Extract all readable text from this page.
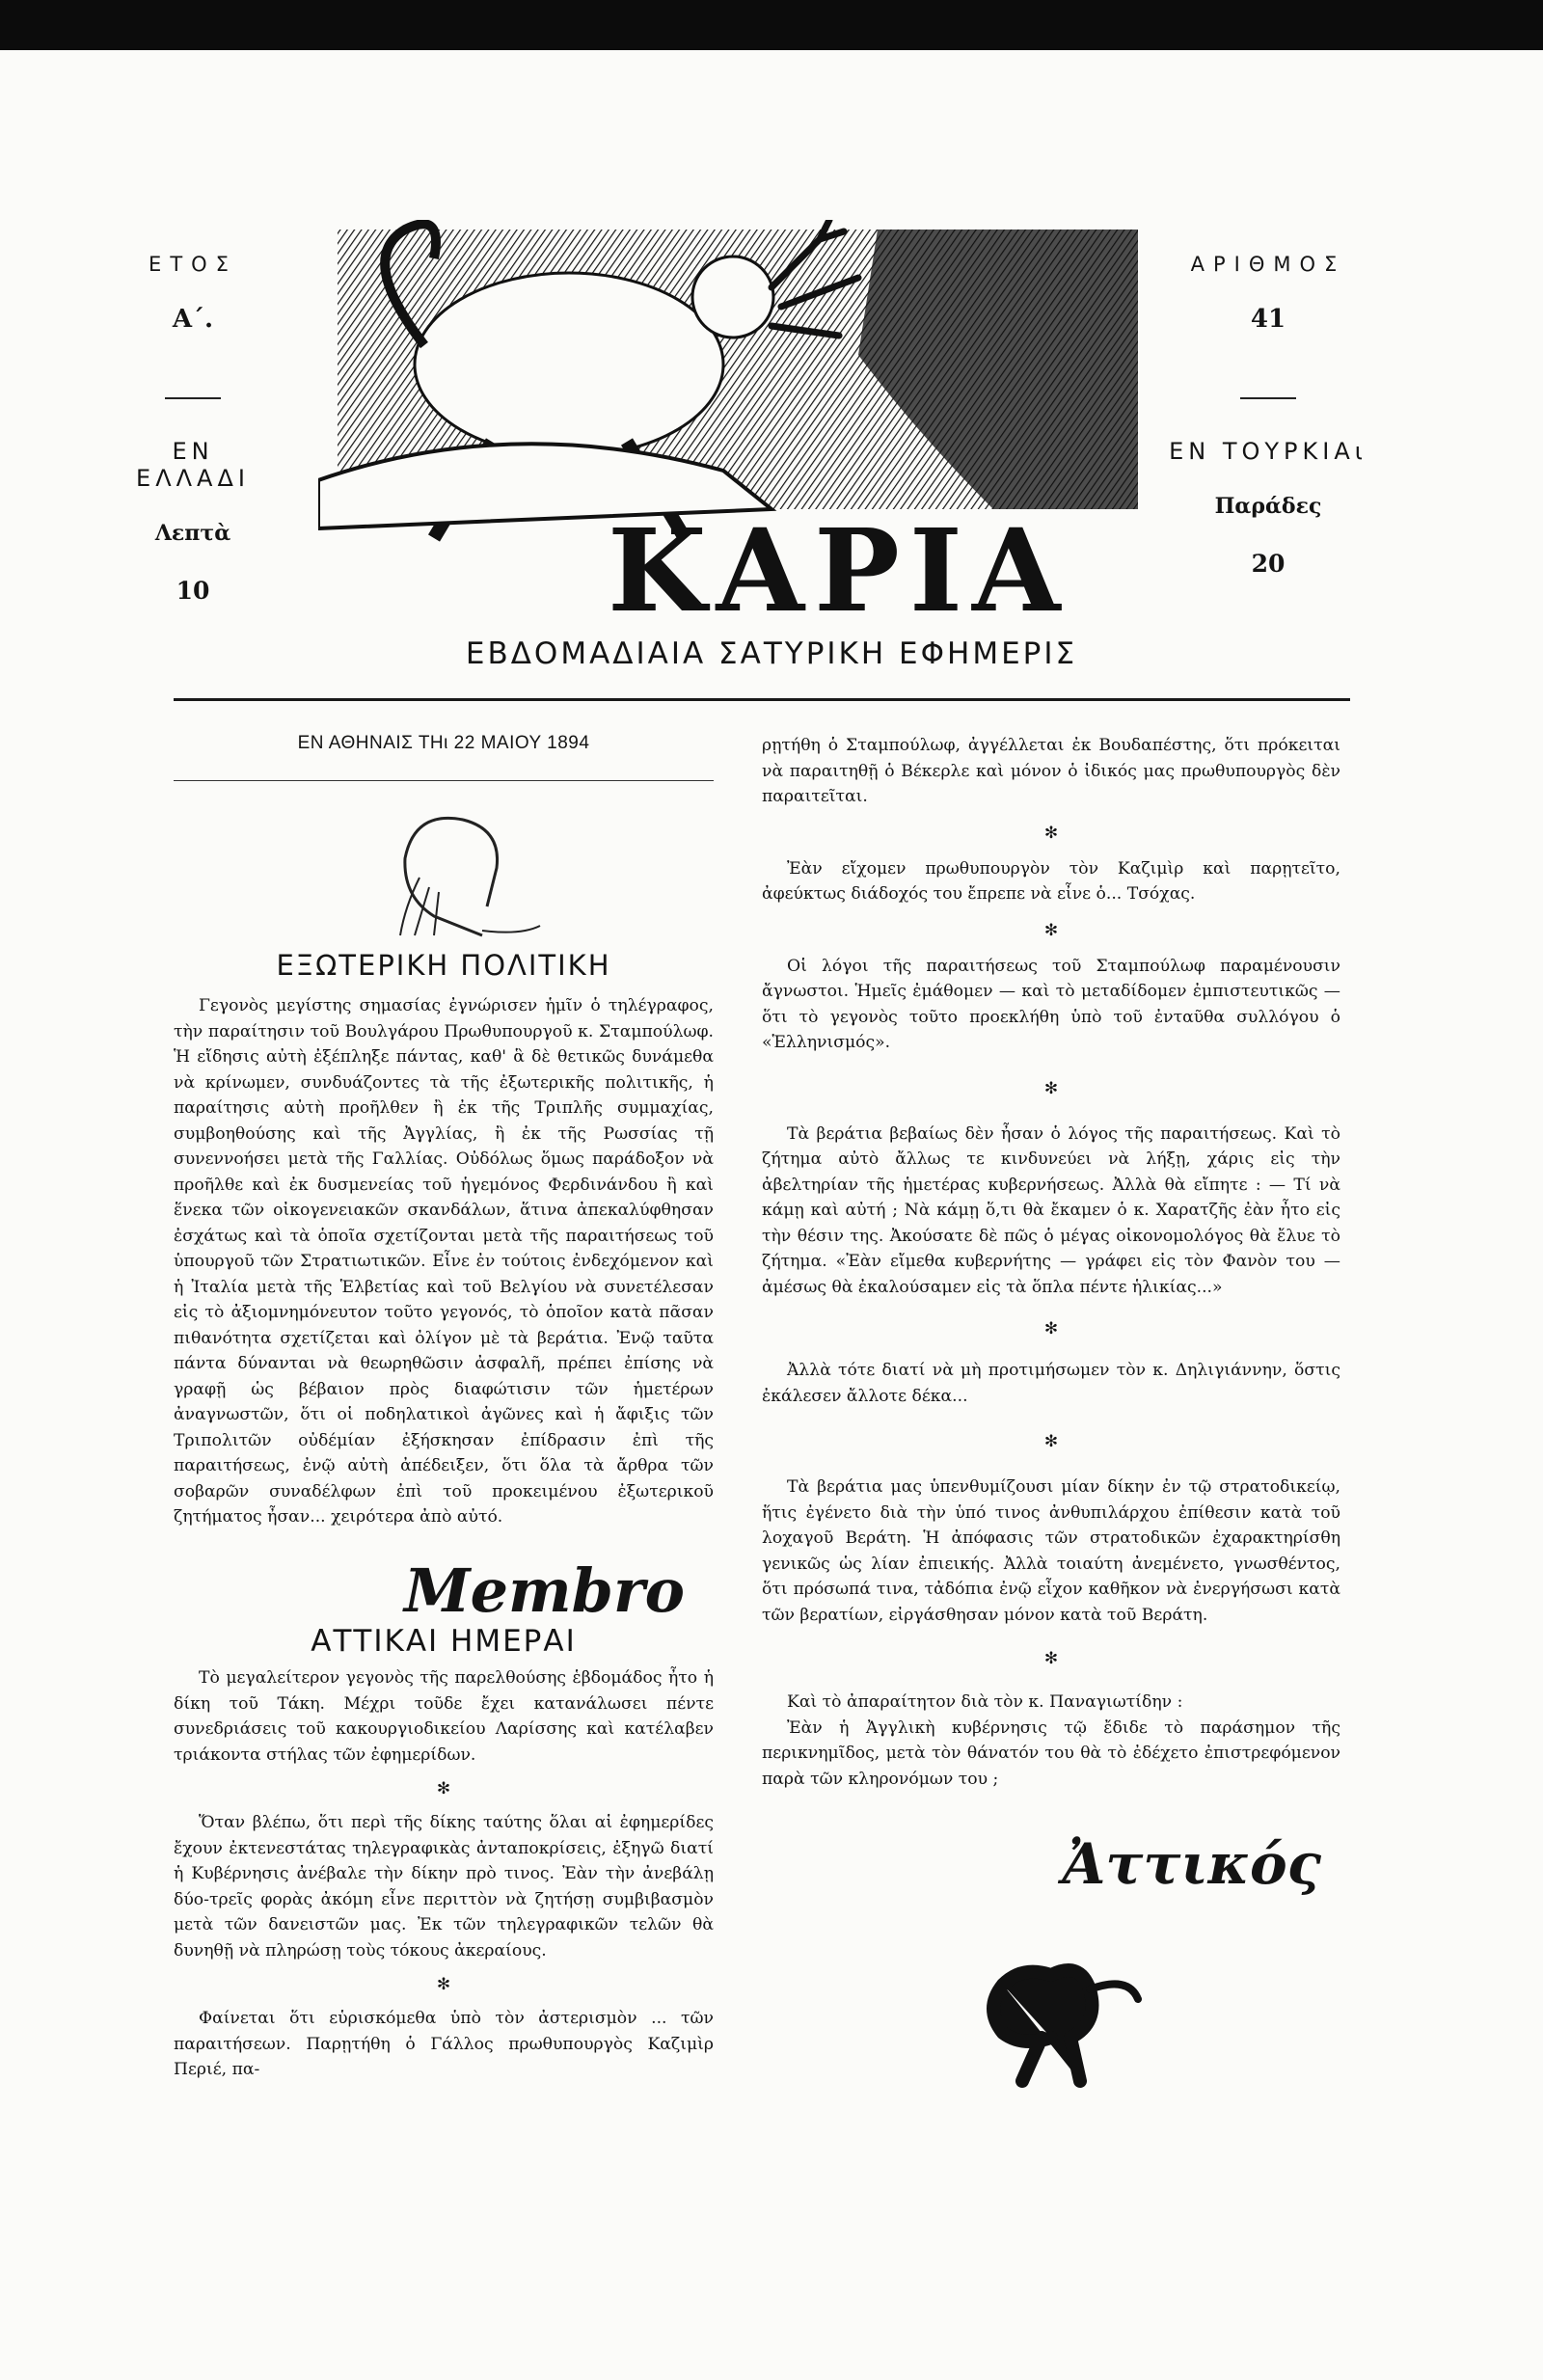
ΕΤΟΣ
Α΄.
ΕΝ ΕΛΛΑΔΙ
Λεπτὰ
10
ΑΡΙΘΜΟΣ
41
ΕΝ ΤΟΥΡΚΙΑι
Παράδες
20
ΚΑΡΙΑ
ΕΒΔΟΜΑΔΙΑΙΑ ΣΑΤΥΡΙΚΗ ΕΦΗΜΕΡΙΣ
ΕΝ ΑΘΗΝΑΙΣ ΤΗι 22 ΜΑΙΟΥ 1894
ΕΞΩΤΕΡΙΚΗ ΠΟΛΙΤΙΚΗ

Γεγονὸς μεγίστης σημασίας ἐγνώρισεν ἡμῖν ὁ τηλέγραφος, τὴν παραίτησιν τοῦ Βουλγάρου Πρωθυπουργοῦ κ. Σταμπούλωφ. Ἡ εἴδησις αὐτὴ ἐξέπληξε πάντας, καθ' ἃ δὲ θετικῶς δυνάμεθα νὰ κρίνωμεν, συνδυάζοντες τὰ τῆς ἐξωτερικῆς πολιτικῆς, ἡ παραίτησις αὐτὴ προῆλθεν ἢ ἐκ τῆς Τριπλῆς συμμαχίας, συμβοηθούσης καὶ τῆς Ἀγγλίας, ἢ ἐκ τῆς Ρωσσίας τῇ συνεννοήσει μετὰ τῆς Γαλλίας. Οὐδόλως ὅμως παράδοξον νὰ προῆλθε καὶ ἐκ δυσμενείας τοῦ ἡγεμόνος Φερδινάνδου ἢ καὶ ἕνεκα τῶν οἰκογενειακῶν σκανδάλων, ἅτινα ἀπεκαλύφθησαν ἐσχάτως καὶ τὰ ὁποῖα σχετίζονται μετὰ τῆς παραιτήσεως τοῦ ὑπουργοῦ τῶν Στρατιωτικῶν. Εἶνε ἐν τούτοις ἐνδεχόμενον καὶ ἡ Ἰταλία μετὰ τῆς Ἑλβετίας καὶ τοῦ Βελγίου νὰ συνετέλεσαν εἰς τὸ ἀξιομνημόνευτον τοῦτο γεγονός, τὸ ὁποῖον κατὰ πᾶσαν πιθανότητα σχετίζεται καὶ ὀλίγον μὲ τὰ βεράτια. Ἐνῷ ταῦτα πάντα δύνανται νὰ θεωρηθῶσιν ἀσφαλῆ, πρέπει ἐπίσης νὰ γραφῇ ὡς βέβαιον πρὸς διαφώτισιν τῶν ἡμετέρων ἀναγνωστῶν, ὅτι οἱ ποδηλατικοὶ ἀγῶνες καὶ ἡ ἄφιξις τῶν Τριπολιτῶν οὐδέμίαν ἐξήσκησαν ἐπίδρασιν ἐπὶ τῆς παραιτήσεως, ἐνῷ αὐτὴ ἀπέδειξεν, ὅτι ὅλα τὰ ἄρθρα τῶν σοβαρῶν συναδέλφων ἐπὶ τοῦ προκειμένου ἐξωτερικοῦ ζητήματος ἦσαν... χειρότερα ἀπὸ αὐτό.

Membro
ΑΤΤΙΚΑΙ ΗΜΕΡΑΙ

Τὸ μεγαλείτερον γεγονὸς τῆς παρελθούσης ἑβδομάδος ἦτο ἡ δίκη τοῦ Τάκη. Μέχρι τοῦδε ἔχει κατανάλωσει πέντε συνεδριάσεις τοῦ κακουργιοδικείου Λαρίσσης καὶ κατέλαβεν τριάκοντα στήλας τῶν ἐφημερίδων.

✻

Ὅταν βλέπω, ὅτι περὶ τῆς δίκης ταύτης ὅλαι αἱ ἐφημερίδες ἔχουν ἐκτενεστάτας τηλεγραφικὰς ἀνταποκρίσεις, ἐξηγῶ διατί ἡ Κυβέρνησις ἀνέβαλε τὴν δίκην πρὸ τινος. Ἐὰν τὴν ἀνεβάλῃ δύο-τρεῖς φορὰς ἀκόμη εἶνε περιττὸν νὰ ζητήσῃ συμβιβασμὸν μετὰ τῶν δανειστῶν μας. Ἐκ τῶν τηλεγραφικῶν τελῶν θὰ δυνηθῇ νὰ πληρώσῃ τοὺς τόκους ἀκεραίους.

✻

Φαίνεται ὅτι εὑρισκόμεθα ὑπὸ τὸν ἀστερισμὸν ... τῶν παραιτήσεων. Παρῃτήθη ὁ Γάλλος πρωθυπουργὸς Καζιμὶρ Περιέ, πα-

ρῃτήθη ὁ Σταμπούλωφ, ἀγγέλλεται ἐκ Βουδαπέστης, ὅτι πρόκειται νὰ παραιτηθῇ ὁ Βέκερλε καὶ μόνον ὁ ἰδικός μας πρωθυπουργὸς δὲν παραιτεῖται.

✻

Ἐὰν εἴχομεν πρωθυπουργὸν τὸν Καζιμὶρ καὶ παρῃτεῖτο, ἀφεύκτως διάδοχός του ἔπρεπε νὰ εἶνε ὁ... Τσόχας.

✻

Οἱ λόγοι τῆς παραιτήσεως τοῦ Σταμπούλωφ παραμένουσιν ἄγνωστοι. Ἡμεῖς ἐμάθομεν — καὶ τὸ μεταδίδομεν ἐμπιστευτικῶς — ὅτι τὸ γεγονὸς τοῦτο προεκλήθη ὑπὸ τοῦ ἐνταῦθα συλλόγου ὁ «Ἑλληνισμός».

✻

Τὰ βεράτια βεβαίως δὲν ἦσαν ὁ λόγος τῆς παραιτήσεως. Καὶ τὸ ζήτημα αὐτὸ ἄλλως τε κινδυνεύει νὰ λήξῃ, χάρις εἰς τὴν ἀβελτηρίαν τῆς ἡμετέρας κυβερνήσεως. Ἀλλὰ θὰ εἴπητε : — Τί νὰ κάμῃ καὶ αὐτή ; Νὰ κάμῃ ὅ,τι θὰ ἔκαμεν ὁ κ. Χαρατζῆς ἐὰν ἦτο εἰς τὴν θέσιν της. Ἀκούσατε δὲ πῶς ὁ μέγας οἰκονομολόγος θὰ ἔλυε τὸ ζήτημα. «Ἐὰν εἴμεθα κυβερνήτης — γράφει εἰς τὸν Φανὸν του — ἀμέσως θὰ ἐκαλούσαμεν εἰς τὰ ὅπλα πέντε ἡλικίας...»

✻

Ἀλλὰ τότε διατί νὰ μὴ προτιμήσωμεν τὸν κ. Δηλιγιάννην, ὅστις ἐκάλεσεν ἄλλοτε δέκα...

✻

Τὰ βεράτια μας ὑπενθυμίζουσι μίαν δίκην ἐν τῷ στρατοδικείῳ, ἥτις ἐγένετο διὰ τὴν ὑπό τινος ἀνθυπιλάρχου ἐπίθεσιν κατὰ τοῦ λοχαγοῦ Βεράτη. Ἡ ἀπόφασις τῶν στρατοδικῶν ἐχαρακτηρίσθη γενικῶς ὡς λίαν ἐπιεικής. Ἀλλὰ τοιαύτη ἀνεμένετο, γνωσθέντος, ὅτι πρόσωπά τινα, τἀδόπια ἐνῷ εἶχον καθῆκον νὰ ἐνεργήσωσι κατὰ τῶν βερατίων, εἰργάσθησαν μόνον κατὰ τοῦ Βεράτη.

✻

Καὶ τὸ ἀπαραίτητον διὰ τὸν κ. Παναγιωτίδην :

Ἐὰν ἡ Ἀγγλικὴ κυβέρνησις τῷ ἔδιδε τὸ παράσημον τῆς περικνημῖδος, μετὰ τὸν θάνατόν του θὰ τὸ ἐδέχετο ἐπιστρεφόμενον παρὰ τῶν κληρονόμων του ;

Ἀττικός
